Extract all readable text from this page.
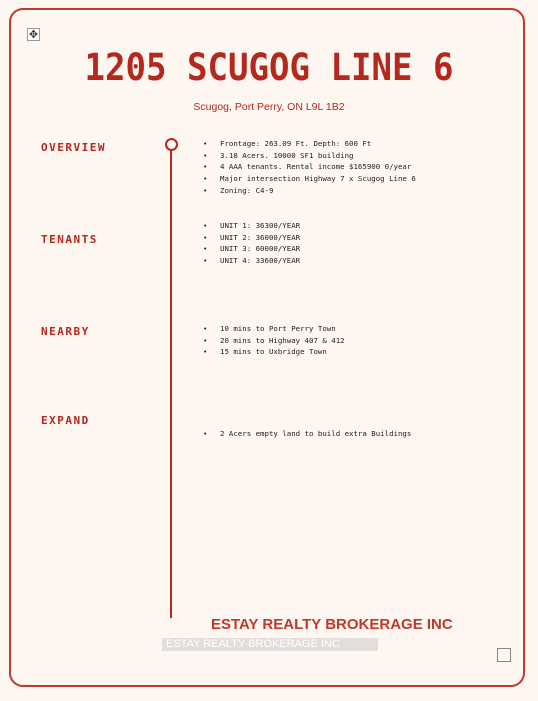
✥
1205 SCUGOG LINE 6
Scugog, Port Perry, ON L9L 1B2
OVERVIEW	• Frontage: 263.09 Ft. Depth: 600 Ft
• 3.18 Acers. 10000 SF1 building
• 4 AAA tenants. Rental income $165900 0/year
• Major intersection Highway 7 x Scugog Line 6
• Zoning: C4-9
TENANTS
• UNIT 1: 36300/YEAR
• UNIT 2: 36000/YEAR
• UNIT 3: 60000/YEAR
• UNIT 4: 33600/YEAR
NEARBY	• 10 mins to Port Perry Town
• 20 mins to Highway 407 & 412
• 15 mins to Uxbridge Town
EXPAND
• 2 Acers empty land to build extra Buildings
ESTAY REALTY BROKERAGE INC
ESTAY REALTY BROKERAGE INC
